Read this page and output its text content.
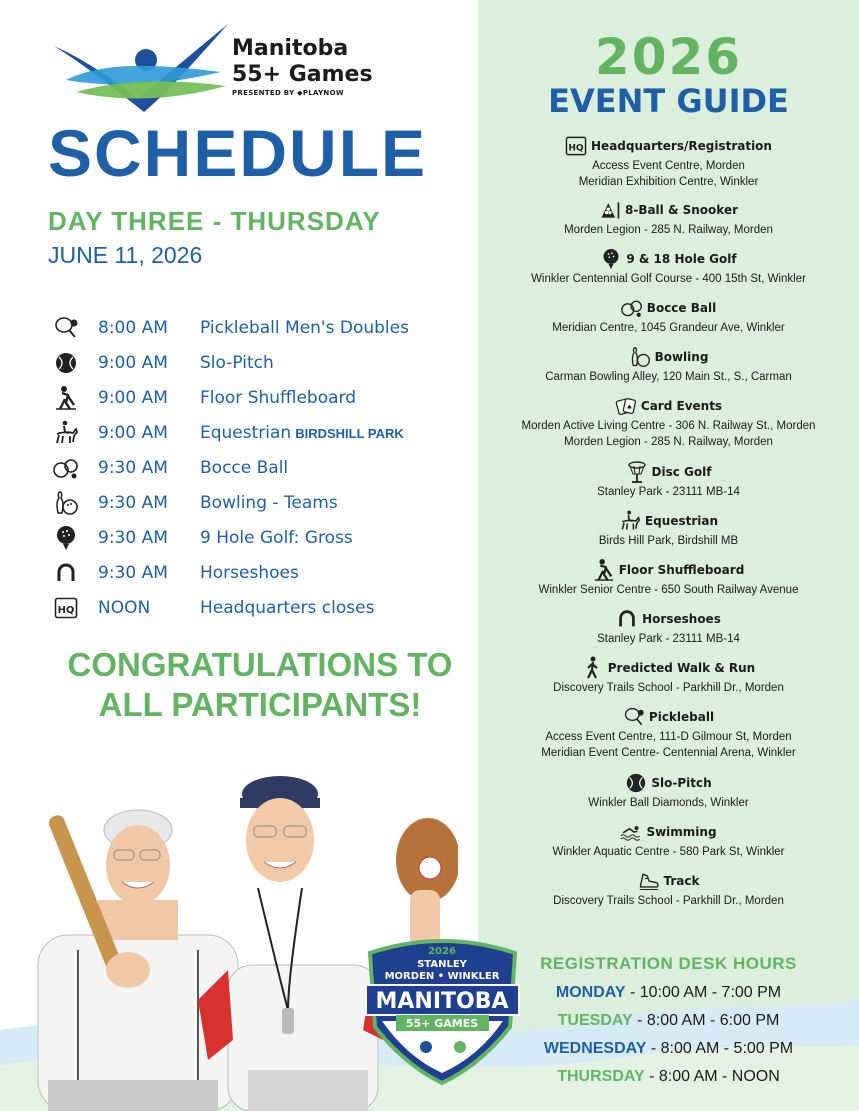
Manitoba
55+ Games
PRESENTED BY ◆PLAYNOW
SCHEDULE
DAY THREE - THURSDAY
JUNE 11, 2026
8:00 AM Pickleball Men's Doubles
9:00 AM Slo-Pitch
9:00 AM Floor Shuffleboard
9:00 AM Equestrian BIRDSHILL PARK
9:30 AM Bocce Ball
9:30 AM Bowling - Teams
9:30 AM 9 Hole Golf: Gross
9:30 AM Horseshoes
HQ NOON	Headquarters closes
CONGRATULATIONS TO
ALL PARTICIPANTS!
2026
STANLEY
MORDEN • WINKLER
MANITOBA
55+ GAMES
2026
EVENT GUIDE
HQ Headquarters/Registration
Access Event Centre, Morden
Meridian Exhibition Centre, Winkler
8-Ball & Snooker
Morden Legion - 285 N. Railway, Morden
9 & 18 Hole Golf
Winkler Centennial Golf Course - 400 15th St, Winkler
Bocce Ball
Meridian Centre, 1045 Grandeur Ave, Winkler
Bowling
Carman Bowling Alley, 120 Main St., S., Carman
♠ Card Events
Morden Active Living Centre - 306 N. Railway St., Morden
Morden Legion - 285 N. Railway, Morden
Disc Golf
Stanley Park - 23111 MB-14
Equestrian
Birds Hill Park, Birdshill MB
Floor Shuffleboard
Winkler Senior Centre - 650 South Railway Avenue
Horseshoes
Stanley Park - 23111 MB-14
Predicted Walk & Run
Discovery Trails School - Parkhill Dr., Morden
Pickleball
Access Event Centre, 111-D Gilmour St, Morden
Meridian Event Centre- Centennial Arena, Winkler
Slo-Pitch
Winkler Ball Diamonds, Winkler
Swimming
Winkler Aquatic Centre - 580 Park St, Winkler
Track
Discovery Trails School - Parkhill Dr., Morden
REGISTRATION DESK HOURS
MONDAY - 10:00 AM - 7:00 PM
TUESDAY - 8:00 AM - 6:00 PM
WEDNESDAY - 8:00 AM - 5:00 PM
THURSDAY - 8:00 AM - NOON
